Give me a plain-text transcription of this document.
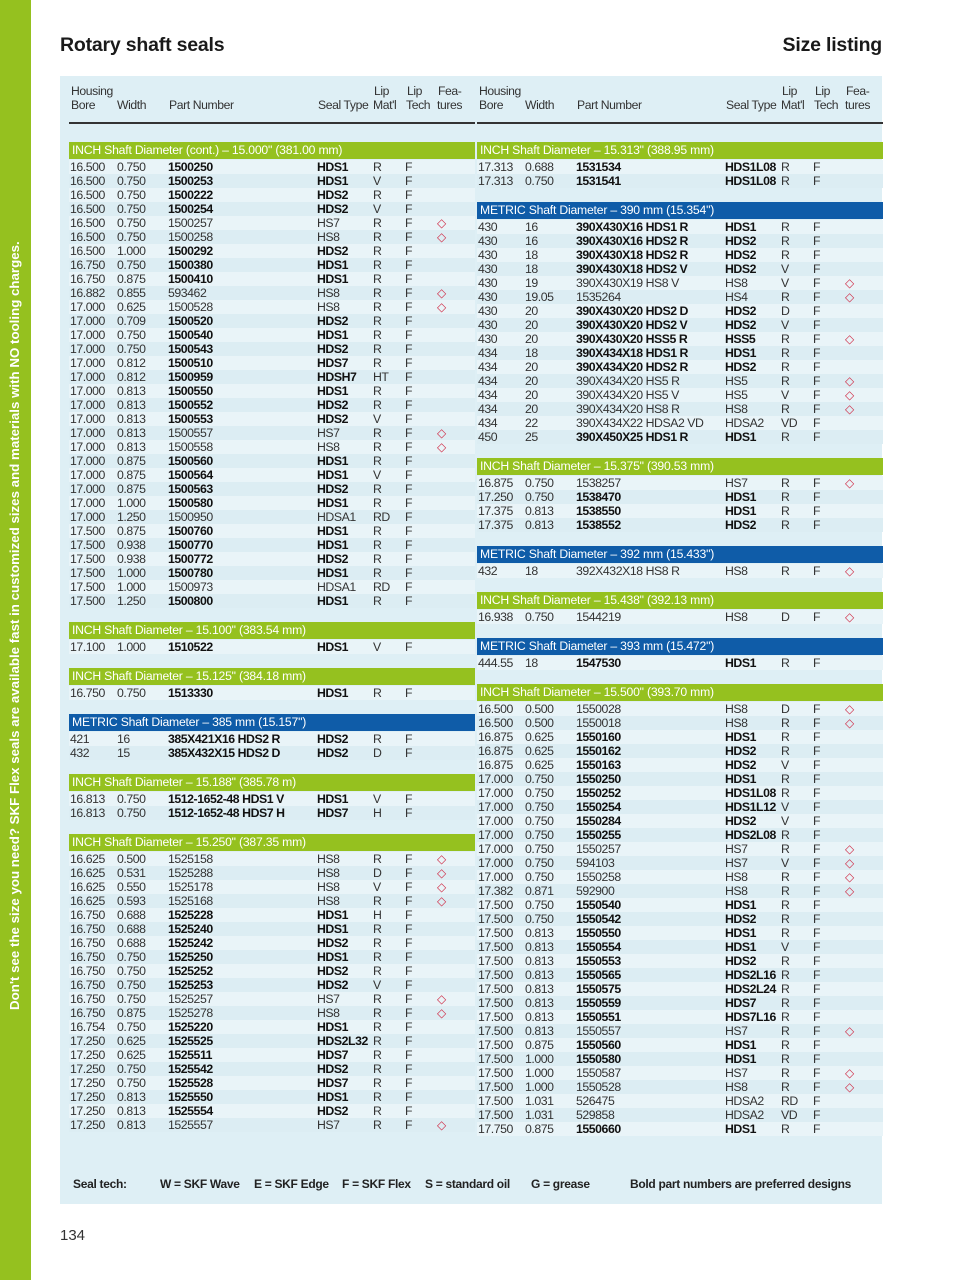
Don't see the size you need? SKF Flex seals are available fast in customized sizes and materials with NO tooling charges.
Rotary shaft seals	Size listing
Housing
Bore Width Part Number	Seal Type
Lip
Mat'l
Lip
Tech
Fea-
tures
INCH Shaft Diameter (cont.) – 15.000" (381.00 mm)
16.500 0.750 1500250	HDS1 R F
16.500 0.750 1500253	HDS1 V F
16.500 0.750 1500222	HDS2 R F
16.500 0.750 1500254	HDS2 V F
16.500 0.750 1500257	HS7	R F ◇
16.500 0.750 1500258	HS8	R F ◇
16.500 1.000 1500292	HDS2 R F
16.750 0.750 1500380	HDS1 R F
16.750 0.875 1500410	HDS1 R F
16.882 0.855 593462	HS8	R F ◇
17.000 0.625 1500528	HS8	R F ◇
17.000 0.709 1500520	HDS2 R F
17.000 0.750 1500540	HDS1 R F
17.000 0.750 1500543	HDS2 R F
17.000 0.812 1500510	HDS7 R F
17.000 0.812 1500959	HDSH7 HT F
17.000 0.813 1500550	HDS1 R F
17.000 0.813 1500552	HDS2 R F
17.000 0.813 1500553	HDS2 V F
17.000 0.813 1500557	HS7	R F ◇
17.000 0.813 1500558	HS8	R F ◇
17.000 0.875 1500560	HDS1 R F
17.000 0.875 1500564	HDS1 V F
17.000 0.875 1500563	HDS2 R F
17.000 1.000 1500580	HDS1 R F
17.000 1.250 1500950	HDSA1 RD F
17.500 0.875 1500760	HDS1 R F
17.500 0.938 1500770	HDS1 R F
17.500 0.938 1500772	HDS2 R F
17.500 1.000 1500780	HDS1 R F
17.500 1.000 1500973	HDSA1 RD F
17.500 1.250 1500800	HDS1 R F
INCH Shaft Diameter – 15.100" (383.54 mm)
17.100 1.000 1510522	HDS1 V F
INCH Shaft Diameter – 15.125" (384.18 mm)
16.750 0.750 1513330	HDS1 R F
METRIC Shaft Diameter – 385 mm (15.157")
421 16	385X421X16 HDS2 R	HDS2 R F
432 15	385X432X15 HDS2 D	HDS2 D F
INCH Shaft Diameter – 15.188" (385.78 m)
16.813 0.750 1512-1652-48 HDS1 V	HDS1 V F
16.813 0.750 1512-1652-48 HDS7 H	HDS7 H F
INCH Shaft Diameter – 15.250" (387.35 mm)
16.625 0.500 1525158	HS8	R F ◇
16.625 0.531 1525288	HS8	D F ◇
16.625 0.550 1525178	HS8	V F ◇
16.625 0.593 1525168	HS8	R F ◇
16.750 0.688 1525228	HDS1 H F
16.750 0.688 1525240	HDS1 R F
16.750 0.688 1525242	HDS2 R F
16.750 0.750 1525250	HDS1 R F
16.750 0.750 1525252	HDS2 R F
16.750 0.750 1525253	HDS2 V F
16.750 0.750 1525257	HS7	R F ◇
16.750 0.875 1525278	HS8	R F ◇
16.754 0.750 1525220	HDS1 R F
17.250 0.625 1525525	HDS2L32 R F
17.250 0.625 1525511	HDS7 R F
17.250 0.750 1525542	HDS2 R F
17.250 0.750 1525528	HDS7 R F
17.250 0.813 1525550	HDS1 R F
17.250 0.813 1525554	HDS2 R F
17.250 0.813 1525557	HS7	R F ◇
Housing
Bore Width Part Number	Seal Type
Lip
Mat'l
Lip
Tech
Fea-
tures
INCH Shaft Diameter – 15.313" (388.95 mm)
17.313 0.688 1531534	HDS1L08 R F
17.313 0.750 1531541	HDS1L08 R F
METRIC Shaft Diameter – 390 mm (15.354")
430 16	390X430X16 HDS1 R	HDS1 R F
430 16	390X430X16 HDS2 R	HDS2 R F
430 18	390X430X18 HDS2 R	HDS2 R F
430 18	390X430X18 HDS2 V	HDS2 V F
430 19	390X430X19 HS8 V	HS8	V F ◇
430 19.05 1535264	HS4	R F ◇
430 20	390X430X20 HDS2 D	HDS2 D F
430 20	390X430X20 HDS2 V	HDS2 V F
430 20	390X430X20 HSS5 R	HSS5 R F ◇
434 18	390X434X18 HDS1 R	HDS1 R F
434 20	390X434X20 HDS2 R	HDS2 R F
434 20	390X434X20 HS5 R	HS5	R F ◇
434 20	390X434X20 HS5 V	HS5	V F ◇
434 20	390X434X20 HS8 R	HS8	R F ◇
434 22	390X434X22 HDSA2 VD HDSA2 VD F
450 25	390X450X25 HDS1 R	HDS1 R F
INCH Shaft Diameter – 15.375" (390.53 mm)
16.875 0.750 1538257	HS7	R F ◇
17.250 0.750 1538470	HDS1 R F
17.375 0.813 1538550	HDS1 R F
17.375 0.813 1538552	HDS2 R F
METRIC Shaft Diameter – 392 mm (15.433")
432 18	392X432X18 HS8 R	HS8	R F ◇
INCH Shaft Diameter – 15.438" (392.13 mm)
16.938 0.750 1544219	HS8	D F ◇
METRIC Shaft Diameter – 393 mm (15.472")
444.55 18	1547530	HDS1 R F
INCH Shaft Diameter – 15.500" (393.70 mm)
16.500 0.500 1550028	HS8	D F ◇
16.500 0.500 1550018	HS8	R F ◇
16.875 0.625 1550160	HDS1 R F
16.875 0.625 1550162	HDS2 R F
16.875 0.625 1550163	HDS2 V F
17.000 0.750 1550250	HDS1 R F
17.000 0.750 1550252	HDS1L08 R F
17.000 0.750 1550254	HDS1L12 V F
17.000 0.750 1550284	HDS2 V F
17.000 0.750 1550255	HDS2L08 R F
17.000 0.750 1550257	HS7	R F ◇
17.000 0.750 594103	HS7	V F ◇
17.000 0.750 1550258	HS8	R F ◇
17.382 0.871 592900	HS8	R F ◇
17.500 0.750 1550540	HDS1 R F
17.500 0.750 1550542	HDS2 R F
17.500 0.813 1550550	HDS1 R F
17.500 0.813 1550554	HDS1 V F
17.500 0.813 1550553	HDS2 R F
17.500 0.813 1550565	HDS2L16 R F
17.500 0.813 1550575	HDS2L24 R F
17.500 0.813 1550559	HDS7 R F
17.500 0.813 1550551	HDS7L16 R F
17.500 0.813 1550557	HS7	R F ◇
17.500 0.875 1550560	HDS1 R F
17.500 1.000 1550580	HDS1 R F
17.500 1.000 1550587	HS7	R F ◇
17.500 1.000 1550528	HS8	R F ◇
17.500 1.031 526475	HDSA2 RD F
17.500 1.031 529858	HDSA2 VD F
17.750 0.875 1550660	HDS1 R F
Seal tech:	W = SKF Wave E = SKF Edge F = SKF Flex S = standard oil G = grease	Bold part numbers are preferred designs
134
